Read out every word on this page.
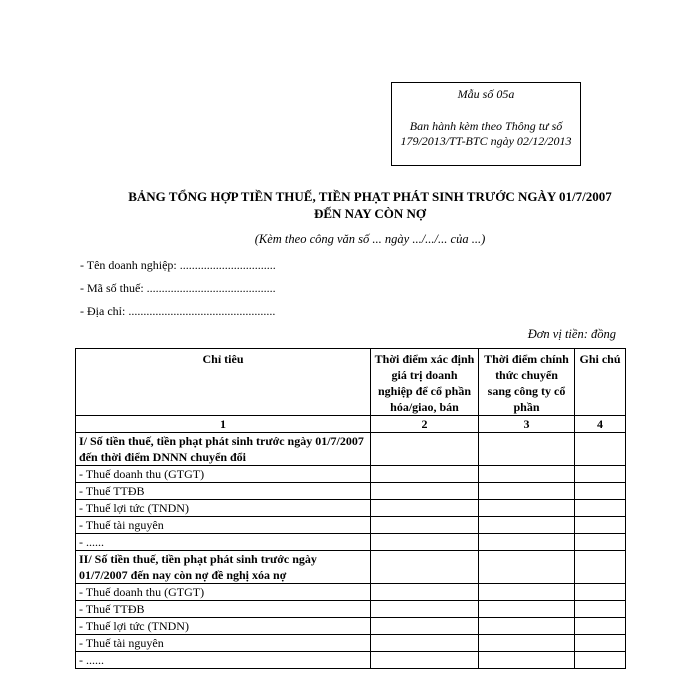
Mẫu số 05a
Ban hành kèm theo Thông tư số 179/2013/TT-BTC ngày 02/12/2013
BẢNG TỔNG HỢP TIỀN THUẾ, TIỀN PHẠT PHÁT SINH TRƯỚC NGÀY 01/7/2007
ĐẾN NAY CÒN NỢ
(Kèm theo công văn số ... ngày .../.../... của ...)
- Tên doanh nghiệp: ................................
- Mã số thuế: ...........................................
- Địa chỉ: .................................................
Đơn vị tiền: đồng
Chỉ tiêu	Thời điểm xác định giá trị doanh nghiệp để cổ phần hóa/giao, bán	Thời điểm chính thức chuyển sang công ty cổ phần	Ghi chú
1	2	3	4
I/ Số tiền thuế, tiền phạt phát sinh trước ngày 01/7/2007 đến thời điểm DNNN chuyển đổi			
- Thuế doanh thu (GTGT)			
- Thuế TTĐB			
- Thuế lợi tức (TNDN)			
- Thuế tài nguyên			
- ......			
II/ Số tiền thuế, tiền phạt phát sinh trước ngày 01/7/2007 đến nay còn nợ đề nghị xóa nợ			
- Thuế doanh thu (GTGT)			
- Thuế TTĐB			
- Thuế lợi tức (TNDN)			
- Thuế tài nguyên			
- ......			
